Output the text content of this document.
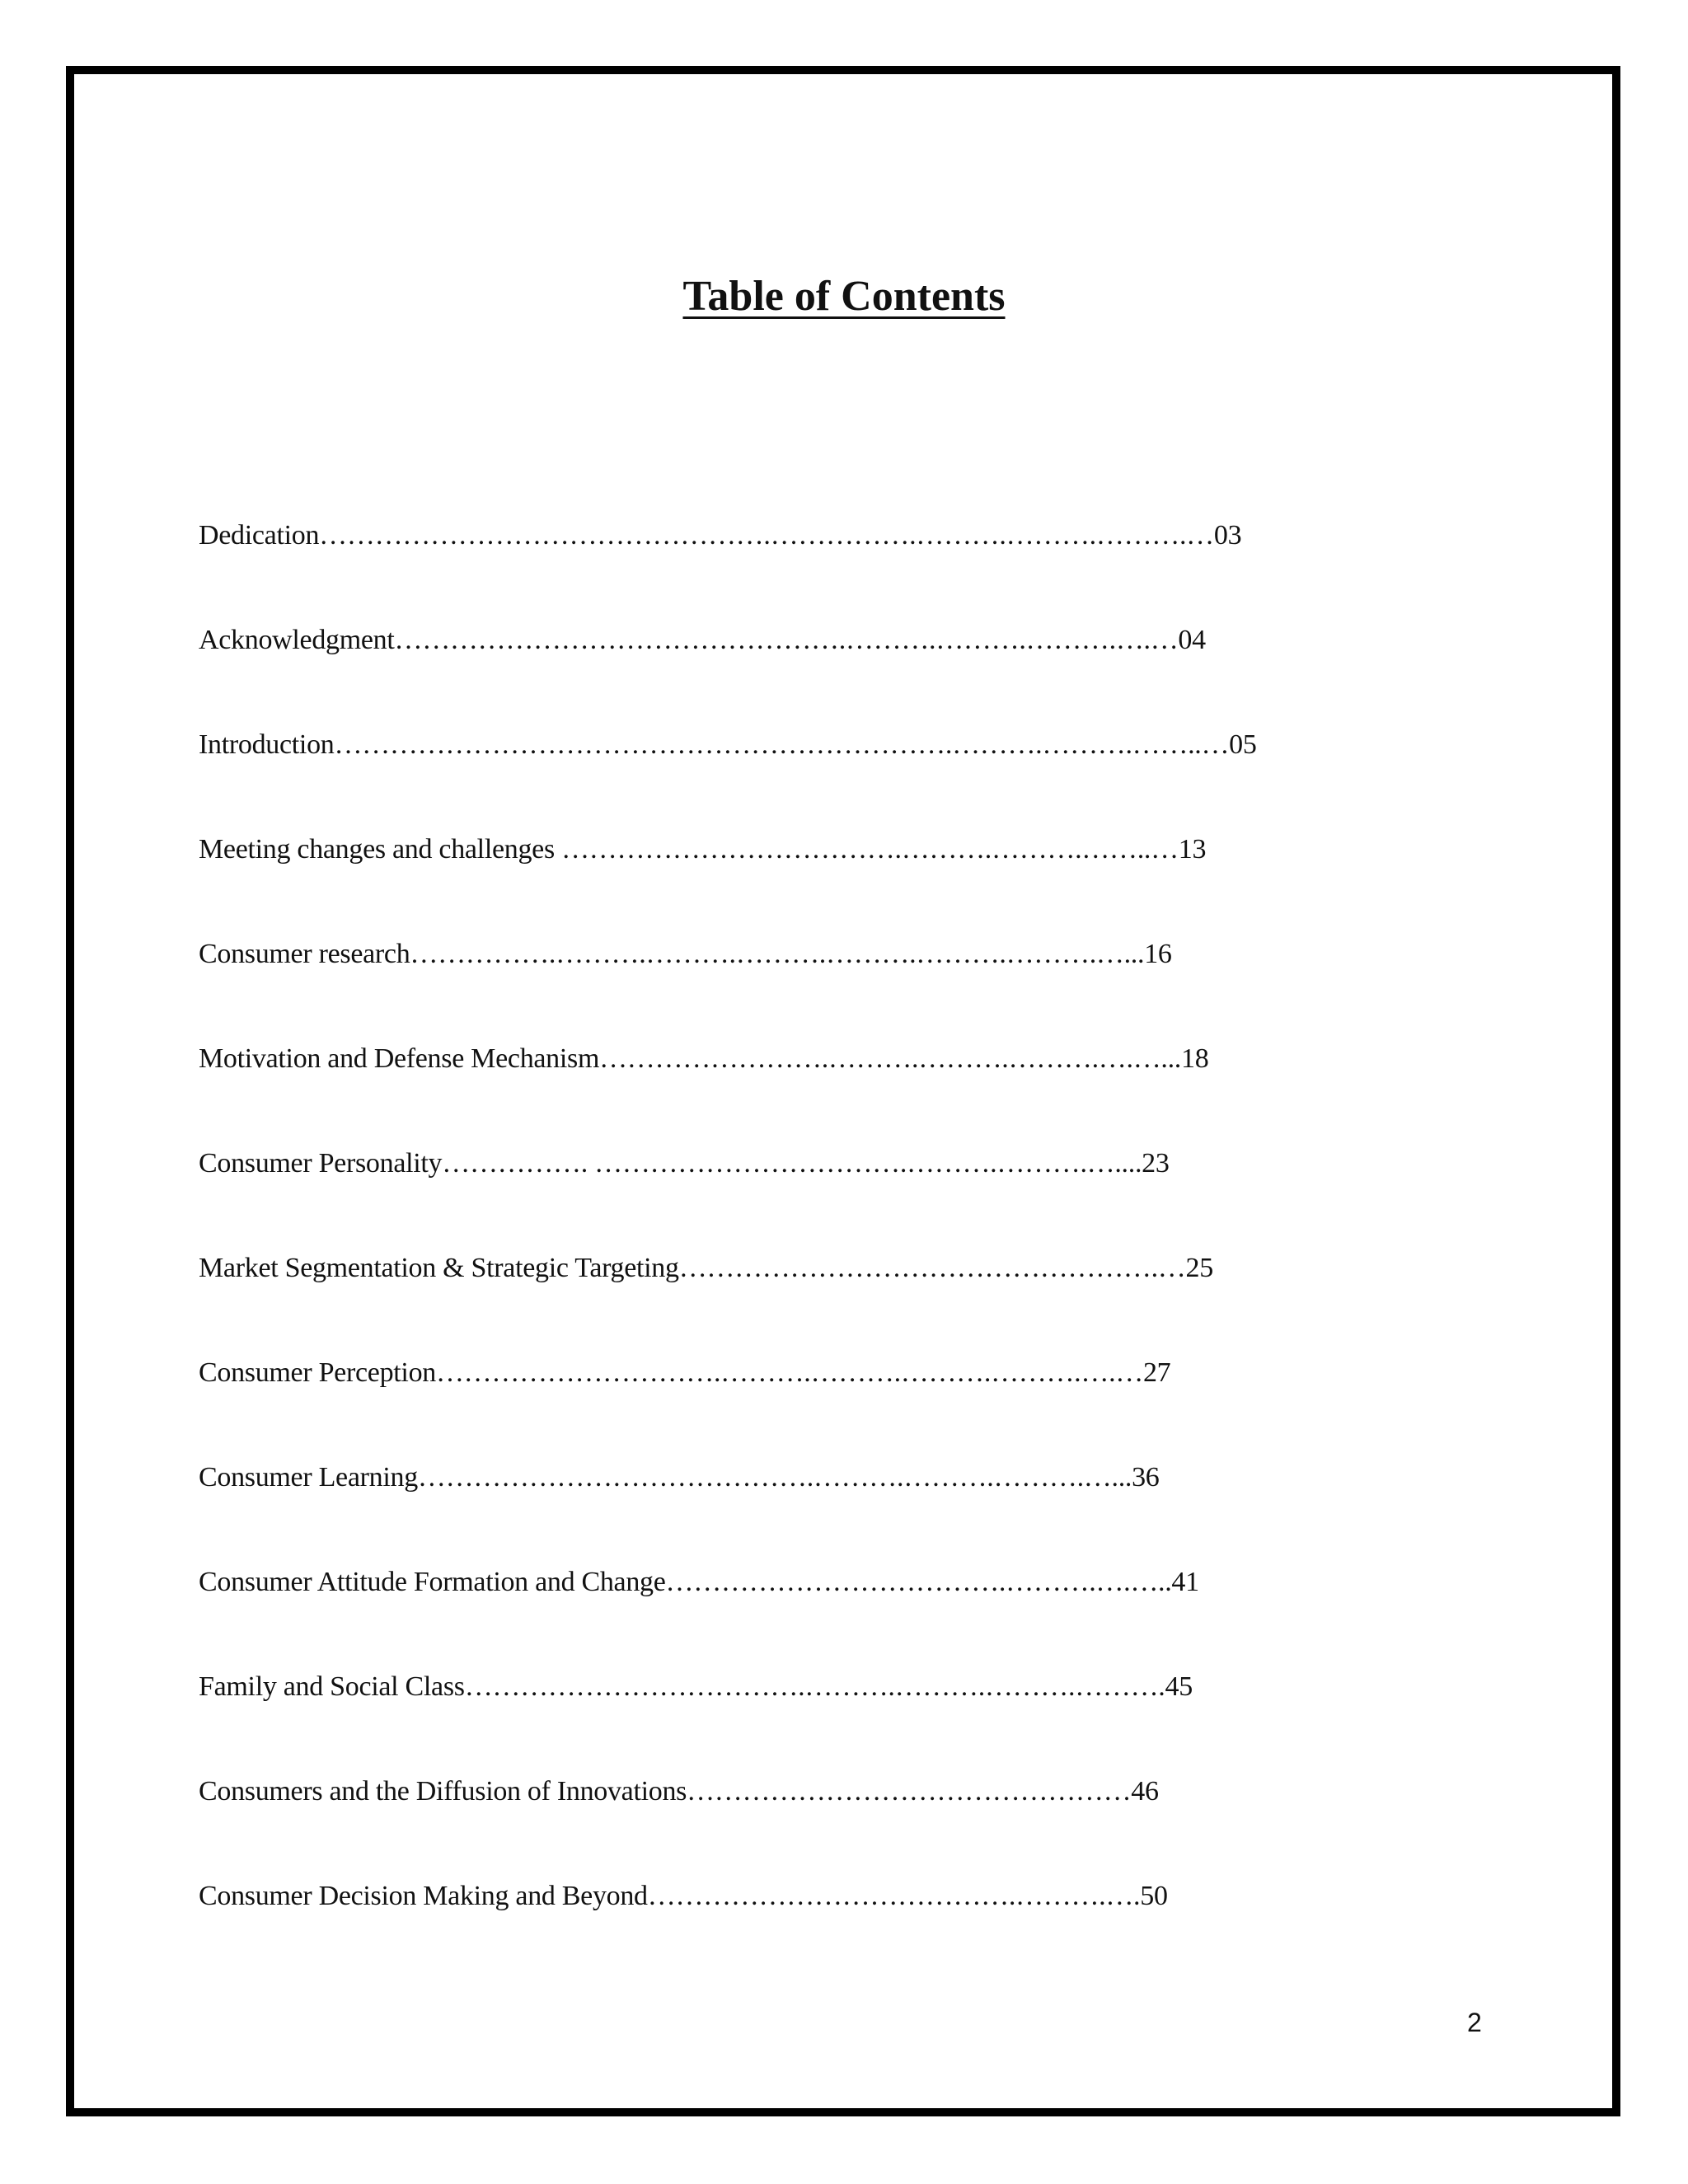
Table of Contents
Dedication………………………………………….…………….……….……….……….…03
Acknowledgment………………………………………….……….……….……….….…04
Introduction………………………………………………………….……….……….……..…05
Meeting changes and challenges ……………………………….……….……….……..…13
Consumer research…………….……….……….……….……….……….……….…...16
Motivation and Defense Mechanism…………………….……….……….……….….…...18
Consumer Personality……………. …………………………….……….……….…....23
Market Segmentation & Strategic Targeting…………………………………………….…25
Consumer Perception………………………….……….……….……….……….….…27
Consumer Learning…………………………………….……….……….……….…...36
Consumer Attitude Formation and Change……………………………….……….….…..41
Family and Social Class……………………………….……….……….……….……….45
Consumers and the Diffusion of Innovations…………………………………………46
Consumer Decision Making and Beyond………………………………….……….….50
2
